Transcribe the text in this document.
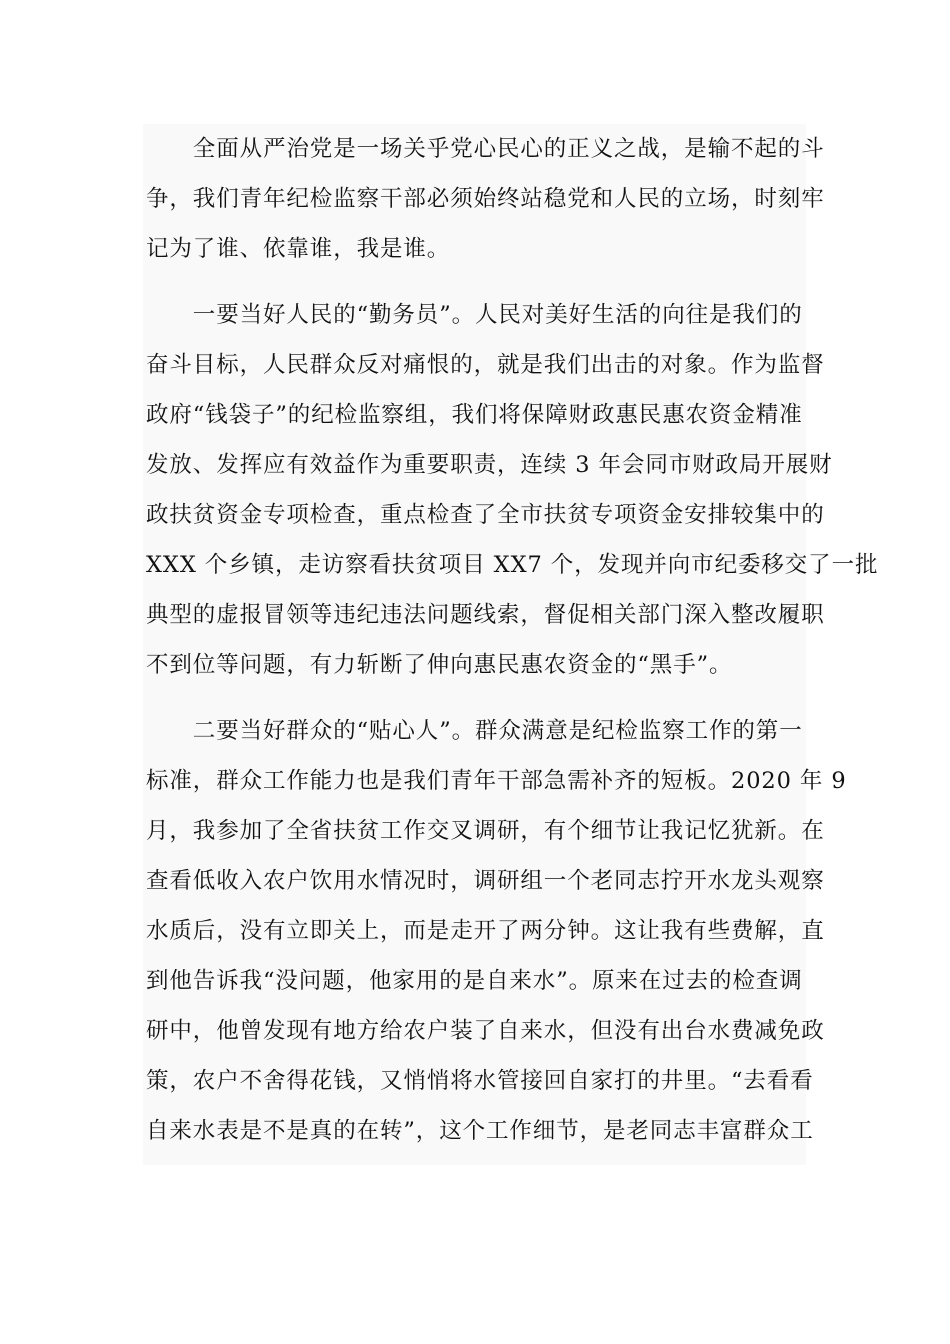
　　全面从严治党是一场关乎党心民心的正义之战，是输不起的斗
争，我们青年纪检监察干部必须始终站稳党和人民的立场，时刻牢
记为了谁、依靠谁，我是谁。
　　一要当好人民的“勤务员”。人民对美好生活的向往是我们的
奋斗目标，人民群众反对痛恨的，就是我们出击的对象。作为监督
政府“钱袋子”的纪检监察组，我们将保障财政惠民惠农资金精准
发放、发挥应有效益作为重要职责，连续 3 年会同市财政局开展财
政扶贫资金专项检查，重点检查了全市扶贫专项资金安排较集中的
XXX 个乡镇，走访察看扶贫项目 XX7 个，发现并向市纪委移交了一批
典型的虚报冒领等违纪违法问题线索，督促相关部门深入整改履职
不到位等问题，有力斩断了伸向惠民惠农资金的“黑手”。
　　二要当好群众的“贴心人”。群众满意是纪检监察工作的第一
标准，群众工作能力也是我们青年干部急需补齐的短板。2020 年 9
月，我参加了全省扶贫工作交叉调研，有个细节让我记忆犹新。在
查看低收入农户饮用水情况时，调研组一个老同志拧开水龙头观察
水质后，没有立即关上，而是走开了两分钟。这让我有些费解，直
到他告诉我“没问题，他家用的是自来水”。原来在过去的检查调
研中，他曾发现有地方给农户装了自来水，但没有出台水费减免政
策，农户不舍得花钱，又悄悄将水管接回自家打的井里。“去看看
自来水表是不是真的在转”，这个工作细节，是老同志丰富群众工
